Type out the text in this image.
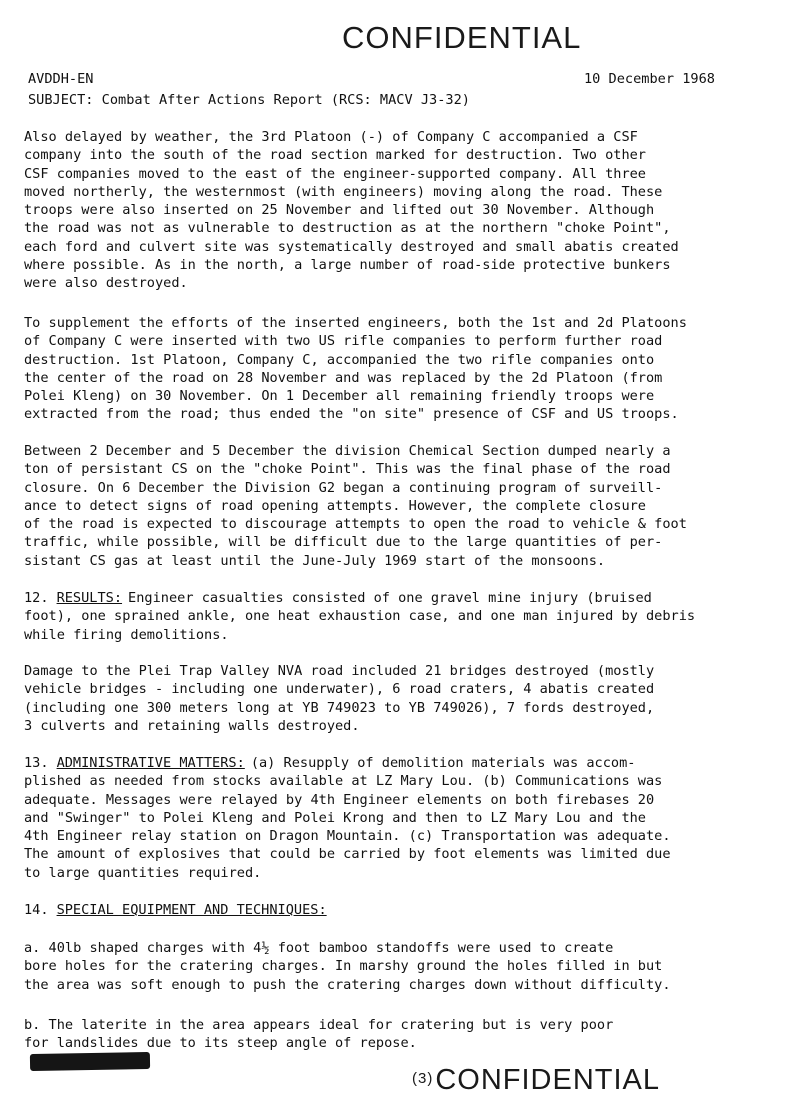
CONFIDENTIAL
AVDDH-EN	10 December 1968
SUBJECT: Combat After Actions Report (RCS: MACV J3-32)

Also delayed by weather, the 3rd Platoon (-) of Company C accompanied a CSF
company into the south of the road section marked for destruction. Two other
CSF companies moved to the east of the engineer-supported company. All three
moved northerly, the westernmost (with engineers) moving along the road. These
troops were also inserted on 25 November and lifted out 30 November. Although
the road was not as vulnerable to destruction as at the northern "choke Point",
each ford and culvert site was systematically destroyed and small abatis created
where possible. As in the north, a large number of road-side protective bunkers
were also destroyed.

To supplement the efforts of the inserted engineers, both the 1st and 2d Platoons
of Company C were inserted with two US rifle companies to perform further road
destruction. 1st Platoon, Company C, accompanied the two rifle companies onto
the center of the road on 28 November and was replaced by the 2d Platoon (from
Polei Kleng) on 30 November. On 1 December all remaining friendly troops were
extracted from the road; thus ended the "on site" presence of CSF and US troops.

Between 2 December and 5 December the division Chemical Section dumped nearly a
ton of persistant CS on the "choke Point". This was the final phase of the road
closure. On 6 December the Division G2 began a continuing program of surveill-
ance to detect signs of road opening attempts. However, the complete closure
of the road is expected to discourage attempts to open the road to vehicle & foot
traffic, while possible, will be difficult due to the large quantities of per-
sistant CS gas at least until the June-July 1969 start of the monsoons.

12. RESULTS: Engineer casualties consisted of one gravel mine injury (bruised
foot), one sprained ankle, one heat exhaustion case, and one man injured by debris
while firing demolitions.

Damage to the Plei Trap Valley NVA road included 21 bridges destroyed (mostly
vehicle bridges - including one underwater), 6 road craters, 4 abatis created
(including one 300 meters long at YB 749023 to YB 749026), 7 fords destroyed,
3 culverts and retaining walls destroyed.

13. ADMINISTRATIVE MATTERS: (a) Resupply of demolition materials was accom-
plished as needed from stocks available at LZ Mary Lou. (b) Communications was
adequate. Messages were relayed by 4th Engineer elements on both firebases 20
and "Swinger" to Polei Kleng and Polei Krong and then to LZ Mary Lou and the
4th Engineer relay station on Dragon Mountain. (c) Transportation was adequate.
The amount of explosives that could be carried by foot elements was limited due
to large quantities required.

14. SPECIAL EQUIPMENT AND TECHNIQUES:

a. 40lb shaped charges with 4½ foot bamboo standoffs were used to create
bore holes for the cratering charges. In marshy ground the holes filled in but
the area was soft enough to push the cratering charges down without difficulty.

b. The laterite in the area appears ideal for cratering but is very poor
for landslides due to its steep angle of repose.

$^{(3)}$CONFIDENTIAL
